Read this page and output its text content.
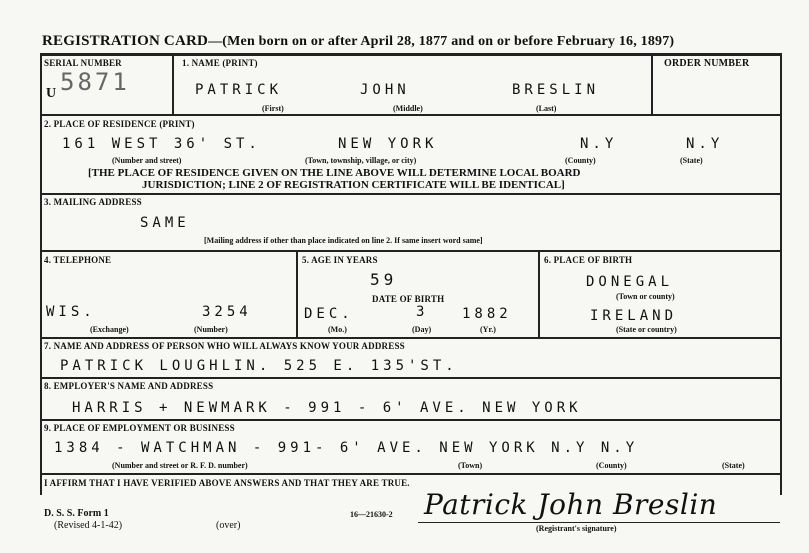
REGISTRATION CARD—(Men born on or after April 28, 1877 and on or before February 16, 1897)
SERIAL NUMBER
U 5871
1. NAME (PRINT)
PATRICK	JOHN	BRESLIN
(First)	(Middle)	(Last)
ORDER NUMBER
2. PLACE OF RESIDENCE (PRINT)
161 WEST 36' ST.	NEW YORK	N.Y	N.Y
(Number and street)	(Town, township, village, or city)	(County)	(State)
[THE PLACE OF RESIDENCE GIVEN ON THE LINE ABOVE WILL DETERMINE LOCAL BOARD
JURISDICTION; LINE 2 OF REGISTRATION CERTIFICATE WILL BE IDENTICAL]
3. MAILING ADDRESS
SAME
[Mailing address if other than place indicated on line 2. If same insert word same]
4. TELEPHONE
WIS.	3254
(Exchange)	(Number)
5. AGE IN YEARS
59
DATE OF BIRTH
DEC.	3 1882
(Mo.)	(Day)	(Yr.)
6. PLACE OF BIRTH
DONEGAL
(Town or county)
IRELAND
(State or country)
7. NAME AND ADDRESS OF PERSON WHO WILL ALWAYS KNOW YOUR ADDRESS
PATRICK LOUGHLIN. 525 E. 135'ST.
8. EMPLOYER'S NAME AND ADDRESS
HARRIS + NEWMARK - 991 - 6' AVE. NEW YORK
9. PLACE OF EMPLOYMENT OR BUSINESS
1384 - WATCHMAN - 991- 6' AVE. NEW YORK N.Y N.Y
(Number and street or R. F. D. number)	(Town)	(County)	(State)
I AFFIRM THAT I HAVE VERIFIED ABOVE ANSWERS AND THAT THEY ARE TRUE.
Patrick John Breslin
(Registrant's signature)
D. S. S. Form 1
(Revised 4-1-42)	(over)
16—21630-2
